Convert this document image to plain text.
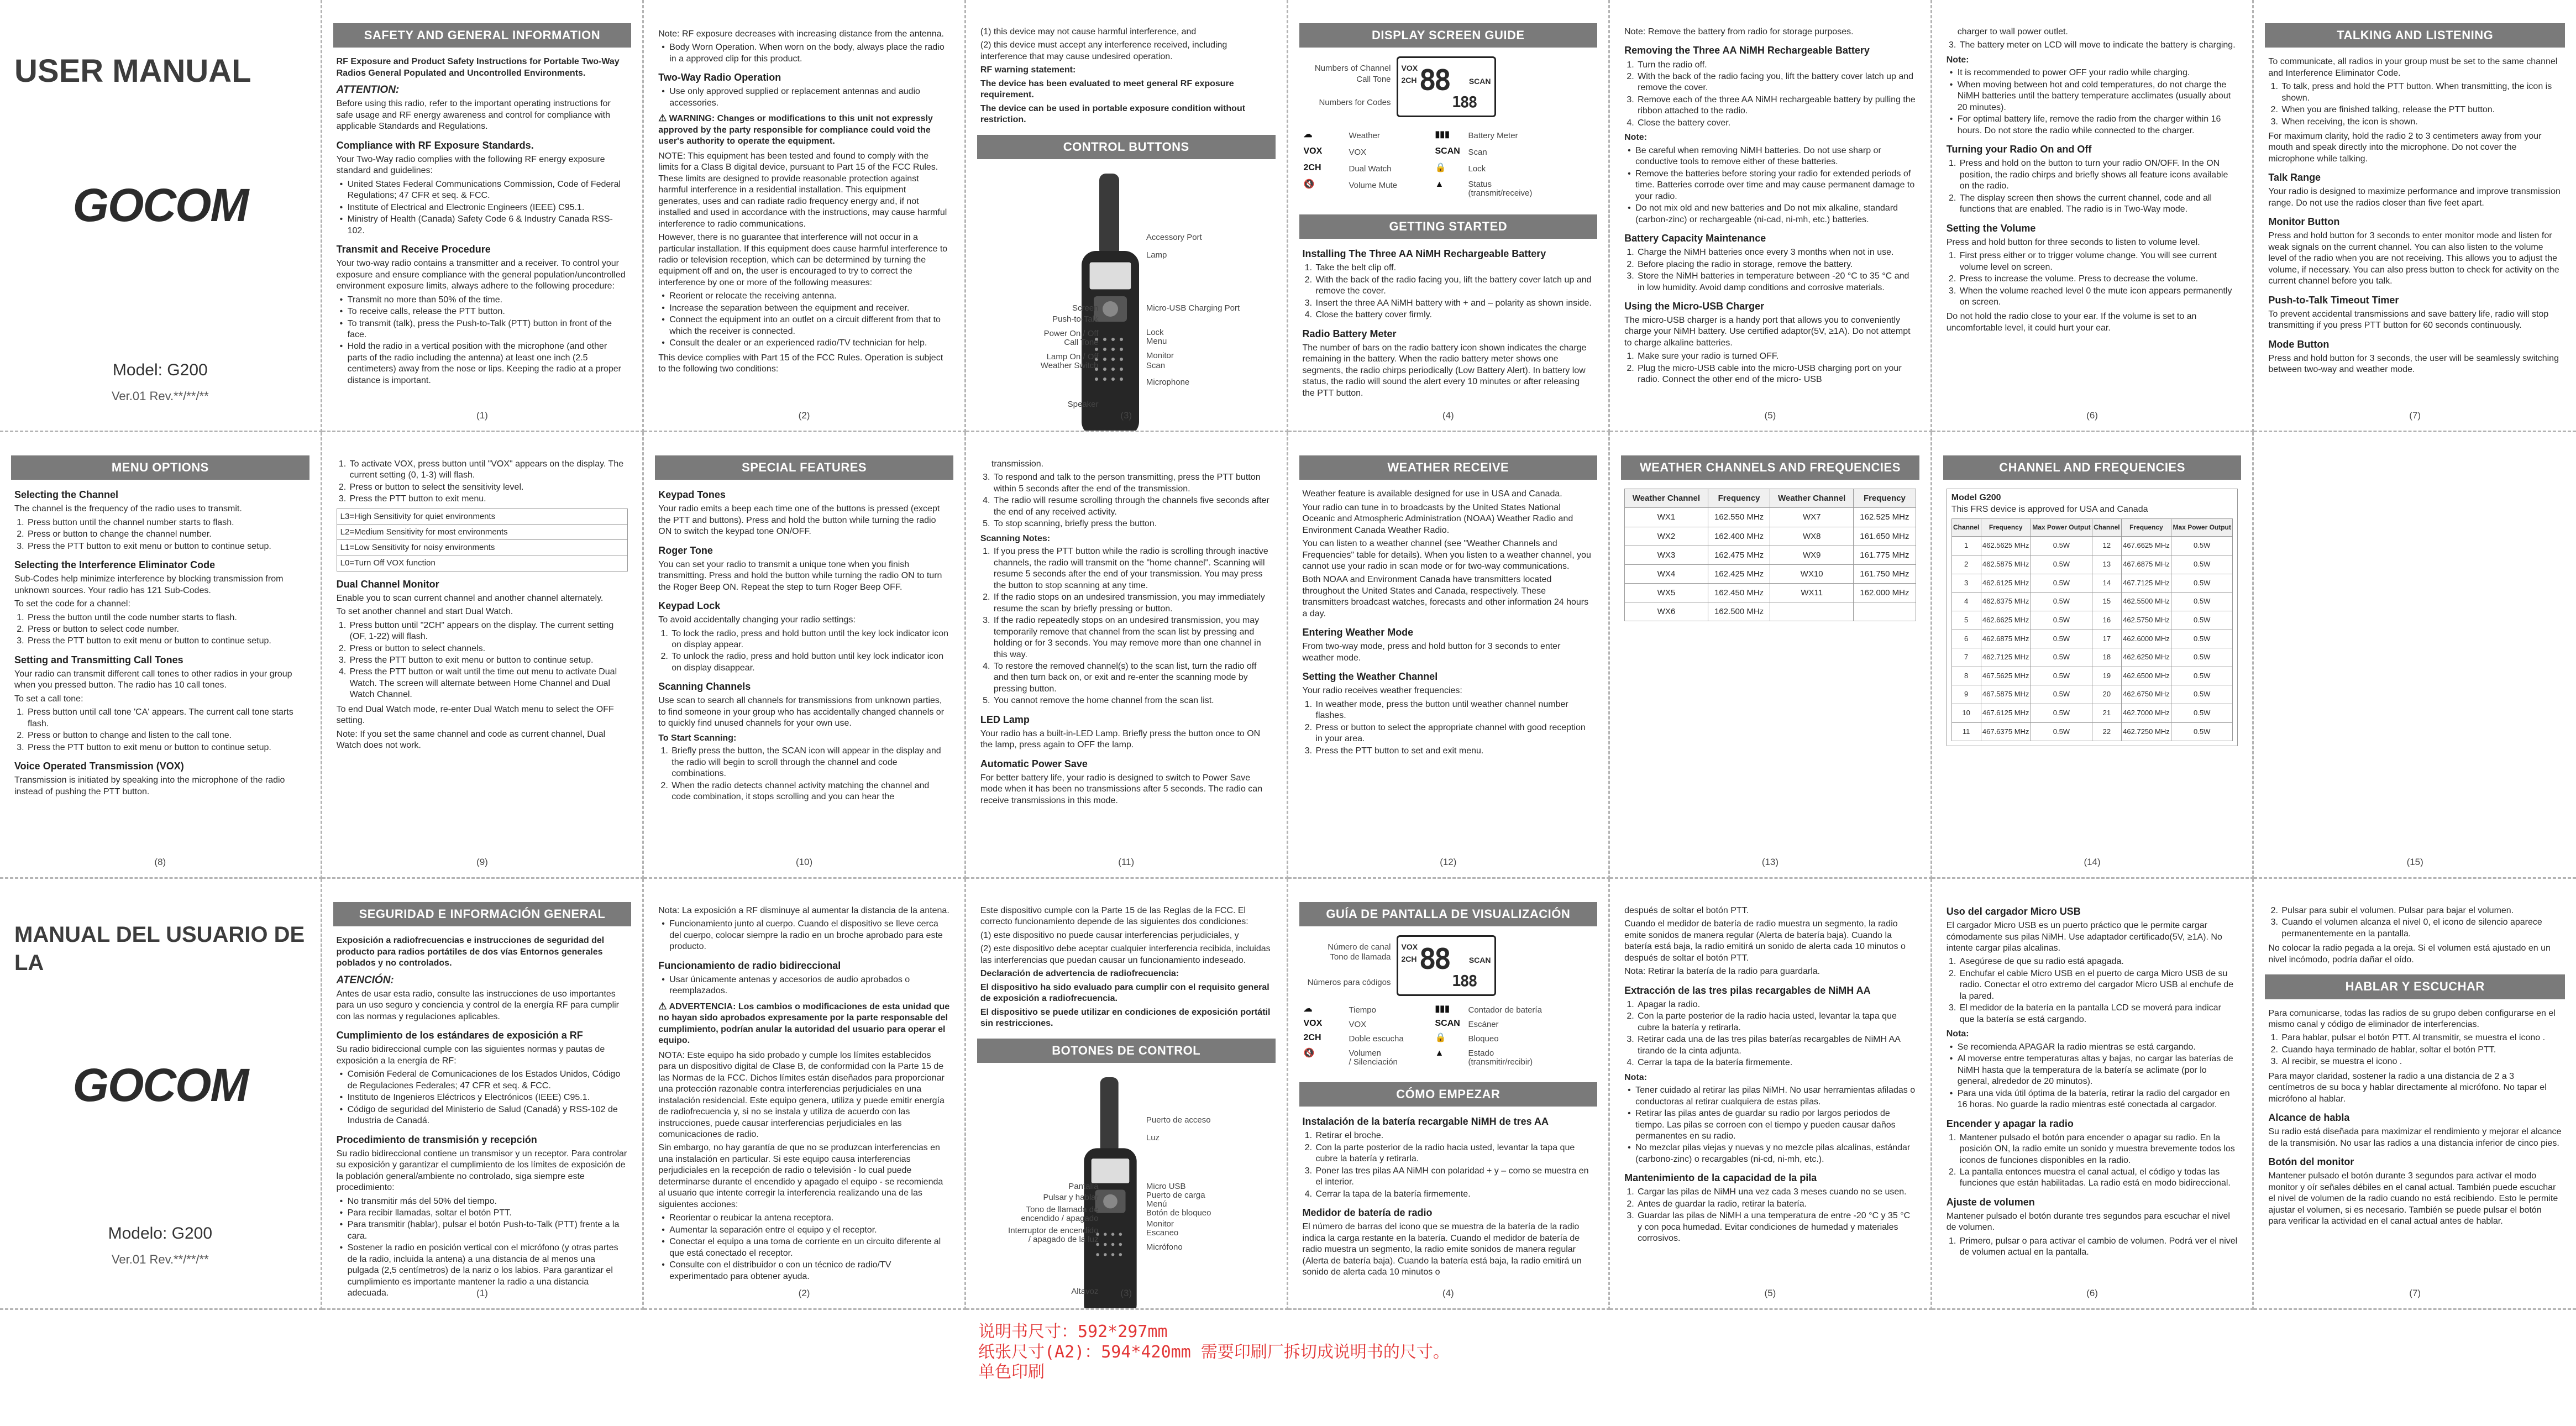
USER MANUAL
GOCOM
Model: G200
Ver.01 Rev.**/**/**
SAFETY AND GENERAL INFORMATION
RF Exposure and Product Safety Instructions for Portable Two-Way Radios General Populated and Uncontrolled Environments.
ATTENTION:

Before using this radio, refer to the important operating instructions for safe usage and RF energy awareness and control for compliance with applicable Standards and Regulations.

Compliance with RF Exposure Standards.

Your Two-Way radio complies with the following RF energy exposure standard and guidelines:

• United States Federal Communications Commission, Code of Federal Regulations; 47 CFR et seq. & FCC.
• Institute of Electrical and Electronic Engineers (IEEE) C95.1.
• Ministry of Health (Canada) Safety Code 6 & Industry Canada RSS-102.
Transmit and Receive Procedure

Your two-way radio contains a transmitter and a receiver. To control your exposure and ensure compliance with the general population/uncontrolled environment exposure limits, always adhere to the following procedure:

• Transmit no more than 50% of the time.
• To receive calls, release the PTT button.
• To transmit (talk), press the Push-to-Talk (PTT) button in front of the face.
• Hold the radio in a vertical position with the microphone (and other parts of the radio including the antenna) at least one inch (2.5 centimeters) away from the nose or lips. Keeping the radio at a proper distance is important.
(1)

Note: RF exposure decreases with increasing distance from the antenna.

• Body Worn Operation. When worn on the body, always place the radio in a approved clip for this product.
Two-Way Radio Operation
• Use only approved supplied or replacement antennas and audio accessories.
⚠ WARNING: Changes or modifications to this unit not expressly approved by the party responsible for compliance could void the user's authority to operate the equipment.

NOTE: This equipment has been tested and found to comply with the limits for a Class B digital device, pursuant to Part 15 of the FCC Rules. These limits are designed to provide reasonable protection against harmful interference in a residential installation. This equipment generates, uses and can radiate radio frequency energy and, if not installed and used in accordance with the instructions, may cause harmful interference to radio communications.

However, there is no guarantee that interference will not occur in a particular installation. If this equipment does cause harmful interference to radio or television reception, which can be determined by turning the equipment off and on, the user is encouraged to try to correct the interference by one or more of the following measures:

• Reorient or relocate the receiving antenna.
• Increase the separation between the equipment and receiver.
• Connect the equipment into an outlet on a circuit different from that to which the receiver is connected.
• Consult the dealer or an experienced radio/TV technician for help.

This device complies with Part 15 of the FCC Rules. Operation is subject to the following two conditions:

(2)

(1) this device may not cause harmful interference, and

(2) this device must accept any interference received, including interference that may cause undesired operation.

RF warning statement:

The device has been evaluated to meet general RF exposure requirement.

The device can be used in portable exposure condition without restriction.

CONTROL BUTTONS
Accessory Port
Lamp
Micro-USB Charging Port
Lock
Menu
Monitor
Scan
Microphone
Screen
Push-to-Talk
Power On / Off
Call Tone
Lamp On / Off
Weather Switch
Speaker
(3)
DISPLAY SCREEN GUIDE
VOX
2CH 88	SCAN
188
Numbers of Channel
Call Tone
Numbers for Codes
☁	Weather
VOX	VOX
2CH	Dual Watch
🔇	Volume Mute
▮▮▮ Battery Meter
SCAN Scan
🔒	Lock
▲	Status
(transmit/receive)
GETTING STARTED
Installing The Three AA NiMH Rechargeable Battery
1. Take the belt clip off.
2. With the back of the radio facing you, lift the battery cover latch up and remove the cover.
3. Insert the three AA NiMH battery with + and – polarity as shown inside.
4. Close the battery cover firmly.
Radio Battery Meter

The number of bars on the radio battery icon shown indicates the charge remaining in the battery. When the radio battery meter shows one segments, the radio chirps periodically (Low Battery Alert). In battery low status, the radio will sound the alert every 10 minutes or after releasing the PTT button.

(4)

Note: Remove the battery from radio for storage purposes.

Removing the Three AA NiMH Rechargeable Battery
1. Turn the radio off.
2. With the back of the radio facing you, lift the battery cover latch up and remove the cover.
3. Remove each of the three AA NiMH rechargeable battery by pulling the ribbon attached to the radio.
4. Close the battery cover.
Note:
• Be careful when removing NiMH batteries. Do not use sharp or conductive tools to remove either of these batteries.
• Remove the batteries before storing your radio for extended periods of time. Batteries corrode over time and may cause permanent damage to your radio.
• Do not mix old and new batteries and Do not mix alkaline, standard (carbon-zinc) or rechargeable (ni-cad, ni-mh, etc.) batteries.
Battery Capacity Maintenance
1. Charge the NiMH batteries once every 3 months when not in use.
2. Before placing the radio in storage, remove the battery.
3. Store the NiMH batteries in temperature between -20 °C to 35 °C and in low humidity. Avoid damp conditions and corrosive materials.
Using the Micro-USB Charger

The micro-USB charger is a handy port that allows you to conveniently charge your NiMH battery. Use certified adaptor(5V, ≥1A). Do not attempt to charge alkaline batteries.

1. Make sure your radio is turned OFF.
2. Plug the micro-USB cable into the micro-USB charging port on your radio. Connect the other end of the micro- USB
(5)

charger to wall power outlet.

3. The battery meter on LCD will move to indicate the battery is charging.
Note:
• It is recommended to power OFF your radio while charging.
• When moving between hot and cold temperatures, do not charge the NiMH batteries until the battery temperature acclimates (usually about 20 minutes).
• For optimal battery life, remove the radio from the charger within 16 hours. Do not store the radio while connected to the charger.
Turning your Radio On and Off
1. Press and hold on the button to turn your radio ON/OFF. In the ON position, the radio chirps and briefly shows all feature icons available on the radio.
2. The display screen then shows the current channel, code and all functions that are enabled. The radio is in Two-Way mode.
Setting the Volume

Press and hold button for three seconds to listen to volume level.

1. First press either or to trigger volume change. You will see current volume level on screen.
2. Press to increase the volume. Press to decrease the volume.
3. When the volume reached level 0 the mute icon appears permanently on screen.

Do not hold the radio close to your ear. If the volume is set to an uncomfortable level, it could hurt your ear.

(6)
TALKING AND LISTENING

To communicate, all radios in your group must be set to the same channel and Interference Eliminator Code.

1. To talk, press and hold the PTT button. When transmitting, the icon is shown.
2. When you are finished talking, release the PTT button.
3. When receiving, the icon is shown.

For maximum clarity, hold the radio 2 to 3 centimeters away from your mouth and speak directly into the microphone. Do not cover the microphone while talking.

Talk Range

Your radio is designed to maximize performance and improve transmission range. Do not use the radios closer than five feet apart.

Monitor Button

Press and hold button for 3 seconds to enter monitor mode and listen for weak signals on the current channel. You can also listen to the volume level of the radio when you are not receiving. This allows you to adjust the volume, if necessary. You can also press button to check for activity on the current channel before you talk.

Push-to-Talk Timeout Timer

To prevent accidental transmissions and save battery life, radio will stop transmitting if you press PTT button for 60 seconds continuously.

Mode Button

Press and hold button for 3 seconds, the user will be seamlessly switching between two-way and weather mode.

(7)
MENU OPTIONS
Selecting the Channel

The channel is the frequency of the radio uses to transmit.

1. Press button until the channel number starts to flash.
2. Press or button to change the channel number.
3. Press the PTT button to exit menu or button to continue setup.
Selecting the Interference Eliminator Code

Sub-Codes help minimize interference by blocking transmission from unknown sources. Your radio has 121 Sub-Codes.

To set the code for a channel:

1. Press the button until the code number starts to flash.
2. Press or button to select code number.
3. Press the PTT button to exit menu or button to continue setup.
Setting and Transmitting Call Tones

Your radio can transmit different call tones to other radios in your group when you pressed button. The radio has 10 call tones.

To set a call tone:

1. Press button until call tone 'CA' appears. The current call tone starts flash.
2. Press or button to change and listen to the call tone.
3. Press the PTT button to exit menu or button to continue setup.
Voice Operated Transmission (VOX)

Transmission is initiated by speaking into the microphone of the radio instead of pushing the PTT button.

(8)
1. To activate VOX, press button until "VOX" appears on the display. The current setting (0, 1-3) will flash.
2. Press or button to select the sensitivity level.
3. Press the PTT button to exit menu.
L3=High Sensitivity for quiet environments
L2=Medium Sensitivity for most environments
L1=Low Sensitivity for noisy environments
L0=Turn Off VOX function
Dual Channel Monitor

Enable you to scan current channel and another channel alternately.

To set another channel and start Dual Watch.

1. Press button until "2CH" appears on the display. The current setting (OF, 1-22) will flash.
2. Press or button to select channels.
3. Press the PTT button to exit menu or button to continue setup.
4. Press the PTT button or wait until the time out menu to activate Dual Watch. The screen will alternate between Home Channel and Dual Watch Channel.

To end Dual Watch mode, re-enter Dual Watch menu to select the OFF setting.

Note: If you set the same channel and code as current channel, Dual Watch does not work.

(9)
SPECIAL FEATURES
Keypad Tones

Your radio emits a beep each time one of the buttons is pressed (except the PTT and buttons). Press and hold the button while turning the radio ON to switch the keypad tone ON/OFF.

Roger Tone

You can set your radio to transmit a unique tone when you finish transmitting. Press and hold the button while turning the radio ON to turn the Roger Beep ON. Repeat the step to turn Roger Beep OFF.

Keypad Lock

To avoid accidentally changing your radio settings:

1. To lock the radio, press and hold button until the key lock indicator icon on display appear.
2. To unlock the radio, press and hold button until key lock indicator icon on display disappear.
Scanning Channels

Use scan to search all channels for transmissions from unknown parties, to find someone in your group who has accidentally changed channels or to quickly find unused channels for your own use.

To Start Scanning:
1. Briefly press the button, the SCAN icon will appear in the display and the radio will begin to scroll through the channel and code combinations.
2. When the radio detects channel activity matching the channel and code combination, it stops scrolling and you can hear the
(10)

transmission.

3. To respond and talk to the person transmitting, press the PTT button within 5 seconds after the end of the transmission.
4. The radio will resume scrolling through the channels five seconds after the end of any received activity.
5. To stop scanning, briefly press the button.
Scanning Notes:
1. If you press the PTT button while the radio is scrolling through inactive channels, the radio will transmit on the "home channel". Scanning will resume 5 seconds after the end of your transmission. You may press the button to stop scanning at any time.
2. If the radio stops on an undesired transmission, you may immediately resume the scan by briefly pressing or button.
3. If the radio repeatedly stops on an undesired transmission, you may temporarily remove that channel from the scan list by pressing and holding or for 3 seconds. You may remove more than one channel in this way.
4. To restore the removed channel(s) to the scan list, turn the radio off and then turn back on, or exit and re-enter the scanning mode by pressing button.
5. You cannot remove the home channel from the scan list.
LED Lamp

Your radio has a built-in-LED Lamp. Briefly press the button once to ON the lamp, press again to OFF the lamp.

Automatic Power Save

For better battery life, your radio is designed to switch to Power Save mode when it has been no transmissions after 5 seconds. The radio can receive transmissions in this mode.

(11)
WEATHER RECEIVE

Weather feature is available designed for use in USA and Canada.

Your radio can tune in to broadcasts by the United States National Oceanic and Atmospheric Administration (NOAA) Weather Radio and Environment Canada Weather Radio.

You can listen to a weather channel (see "Weather Channels and Frequencies" table for details). When you listen to a weather channel, you cannot use your radio in scan mode or for two-way communications.

Both NOAA and Environment Canada have transmitters located throughout the United States and Canada, respectively. These transmitters broadcast watches, forecasts and other information 24 hours a day.

Entering Weather Mode

From two-way mode, press and hold button for 3 seconds to enter weather mode.

Setting the Weather Channel

Your radio receives weather frequencies:

1. In weather mode, press the button until weather channel number flashes.
2. Press or button to select the appropriate channel with good reception in your area.
3. Press the PTT button to set and exit menu.
(12)
WEATHER CHANNELS AND FREQUENCIES
Weather Channel	Frequency	Weather Channel	Frequency
WX1	162.550 MHz	WX7	162.525 MHz
WX2	162.400 MHz	WX8	161.650 MHz
WX3	162.475 MHz	WX9	161.775 MHz
WX4	162.425 MHz	WX10	161.750 MHz
WX5	162.450 MHz	WX11	162.000 MHz
WX6	162.500 MHz		
(13)
CHANNEL AND FREQUENCIES
Model G200
This FRS device is approved for USA and Canada
Channel	Frequency	Max Power Output	Channel	Frequency	Max Power Output
1	462.5625 MHz	0.5W	12	467.6625 MHz	0.5W
2	462.5875 MHz	0.5W	13	467.6875 MHz	0.5W
3	462.6125 MHz	0.5W	14	467.7125 MHz	0.5W
4	462.6375 MHz	0.5W	15	462.5500 MHz	0.5W
5	462.6625 MHz	0.5W	16	462.5750 MHz	0.5W
6	462.6875 MHz	0.5W	17	462.6000 MHz	0.5W
7	462.7125 MHz	0.5W	18	462.6250 MHz	0.5W
8	467.5625 MHz	0.5W	19	462.6500 MHz	0.5W
9	467.5875 MHz	0.5W	20	462.6750 MHz	0.5W
10	467.6125 MHz	0.5W	21	462.7000 MHz	0.5W
11	467.6375 MHz	0.5W	22	462.7250 MHz	0.5W
(14)	(15)
MANUAL DEL USUARIO DE LA
GOCOM
Modelo: G200
Ver.01 Rev.**/**/**
SEGURIDAD E INFORMACIÓN GENERAL
Exposición a radiofrecuencias e instrucciones de seguridad del producto para radios portátiles de dos vías Entornos generales poblados y no controlados.
ATENCIÓN:

Antes de usar esta radio, consulte las instrucciones de uso importantes para un uso seguro y conciencia y control de la energía RF para cumplir con las normas y regulaciones aplicables.

Cumplimiento de los estándares de exposición a RF

Su radio bidireccional cumple con las siguientes normas y pautas de exposición a la energía de RF:

• Comisión Federal de Comunicaciones de los Estados Unidos, Código de Regulaciones Federales; 47 CFR et seq. & FCC.
• Instituto de Ingenieros Eléctricos y Electrónicos (IEEE) C95.1.
• Código de seguridad del Ministerio de Salud (Canadá) y RSS-102 de Industria de Canadá.
Procedimiento de transmisión y recepción

Su radio bidireccional contiene un transmisor y un receptor. Para controlar su exposición y garantizar el cumplimiento de los límites de exposición de la población general/ambiente no controlado, siga siempre este procedimiento:

• No transmitir más del 50% del tiempo.
• Para recibir llamadas, soltar el botón PTT.
• Para transmitir (hablar), pulsar el botón Push-to-Talk (PTT) frente a la cara.
• Sostener la radio en posición vertical con el micrófono (y otras partes de la radio, incluida la antena) a una distancia de al menos una pulgada (2,5 centímetros) de la nariz o los labios. Para garantizar el cumplimiento es importante mantener la radio a una distancia adecuada.	(1)

Nota: La exposición a RF disminuye al aumentar la distancia de la antena.

• Funcionamiento junto al cuerpo. Cuando el dispositivo se lleve cerca del cuerpo, colocar siempre la radio en un broche aprobado para este producto.
Funcionamiento de radio bidireccional
• Usar únicamente antenas y accesorios de audio aprobados o reemplazados.
⚠ ADVERTENCIA: Los cambios o modificaciones de esta unidad que no hayan sido aprobados expresamente por la parte responsable del cumplimiento, podrían anular la autoridad del usuario para operar el equipo.

NOTA: Este equipo ha sido probado y cumple los límites establecidos para un dispositivo digital de Clase B, de conformidad con la Parte 15 de las Normas de la FCC. Dichos límites están diseñados para proporcionar una protección razonable contra interferencias perjudiciales en una instalación residencial. Este equipo genera, utiliza y puede emitir energía de radiofrecuencia y, si no se instala y utiliza de acuerdo con las instrucciones, puede causar interferencias perjudiciales en las comunicaciones de radio.

Sin embargo, no hay garantía de que no se produzcan interferencias en una instalación en particular. Si este equipo causa interferencias perjudiciales en la recepción de radio o televisión - lo cual puede determinarse durante el encendido y apagado el equipo - se recomienda al usuario que intente corregir la interferencia realizando una de las siguientes acciones:

• Reorientar o reubicar la antena receptora.
• Aumentar la separación entre el equipo y el receptor.
• Conectar el equipo a una toma de corriente en un circuito diferente al que está conectado el receptor.
• Consulte con el distribuidor o con un técnico de radio/TV experimentado para obtener ayuda.
(2)

Este dispositivo cumple con la Parte 15 de las Reglas de la FCC. El correcto funcionamiento depende de las siguientes dos condiciones:

(1) este dispositivo no puede causar interferencias perjudiciales, y

(2) este dispositivo debe aceptar cualquier interferencia recibida, incluidas las interferencias que puedan causar un funcionamiento indeseado.

Declaración de advertencia de radiofrecuencia:

El dispositivo ha sido evaluado para cumplir con el requisito general de exposición a radiofrecuencia.

El dispositivo se puede utilizar en condiciones de exposición portátil sin restricciones.

BOTONES DE CONTROL
Puerto de acceso
Luz
Micro USB
Puerto de carga
Menú
Botón de bloqueo
Monitor
Escaneo
Micrófono
Pantalla
Pulsar y hablar
Tono de llamada de
encendido / apagado
Interruptor de encendido
/ apagado de la luz
Altavoz	(3)
GUÍA DE PANTALLA DE VISUALIZACIÓN
VOX
2CH 88	SCAN
188
Número de canal
Tono de llamada
Números para códigos
☁	Tiempo
VOX	VOX
2CH	Doble escucha
🔇	Volumen
/ Silenciación
▮▮▮ Contador de batería
SCAN Escáner
🔒	Bloqueo
▲	Estado
(transmitir/recibir)
CÓMO EMPEZAR
Instalación de la batería recargable NiMH de tres AA
1. Retirar el broche.
2. Con la parte posterior de la radio hacia usted, levantar la tapa que cubre la batería y retirarla.
3. Poner las tres pilas AA NiMH con polaridad + y – como se muestra en el interior.
4. Cerrar la tapa de la batería firmemente.
Medidor de batería de radio

El número de barras del icono que se muestra de la batería de la radio indica la carga restante en la batería. Cuando el medidor de batería de radio muestra un segmento, la radio emite sonidos de manera regular (Alerta de batería baja). Cuando la batería está baja, la radio emitirá un sonido de alerta cada 10 minutos o

(4)

después de soltar el botón PTT.

Cuando el medidor de batería de radio muestra un segmento, la radio emite sonidos de manera regular (Alerta de batería baja). Cuando la batería está baja, la radio emitirá un sonido de alerta cada 10 minutos o después de soltar el botón PTT.

Nota: Retirar la batería de la radio para guardarla.

Extracción de las tres pilas recargables de NiMH AA
1. Apagar la radio.
2. Con la parte posterior de la radio hacia usted, levantar la tapa que cubre la batería y retirarla.
3. Retirar cada una de las tres pilas baterías recargables de NiMH AA tirando de la cinta adjunta.
4. Cerrar la tapa de la batería firmemente.
Nota:
• Tener cuidado al retirar las pilas NiMH. No usar herramientas afiladas o conductoras al retirar cualquiera de estas pilas.
• Retirar las pilas antes de guardar su radio por largos periodos de tiempo. Las pilas se corroen con el tiempo y pueden causar daños permanentes en su radio.
• No mezclar pilas viejas y nuevas y no mezcle pilas alcalinas, estándar (carbono-zinc) o recargables (ni-cd, ni-mh, etc.).
Mantenimiento de la capacidad de la pila
1. Cargar las pilas de NiMH una vez cada 3 meses cuando no se usen.
2. Antes de guardar la radio, retirar la batería.
3. Guardar las pilas de NiMH a una temperatura de entre -20 °C y 35 °C y con poca humedad. Evitar condiciones de humedad y materiales corrosivos.
(5)
Uso del cargador Micro USB

El cargador Micro USB es un puerto práctico que le permite cargar cómodamente sus pilas NiMH. Use adaptador certificado(5V, ≥1A). No intente cargar pilas alcalinas.

1. Asegúrese de que su radio está apagada.
2. Enchufar el cable Micro USB en el puerto de carga Micro USB de su radio. Conectar el otro extremo del cargador Micro USB al enchufe de la pared.
3. El medidor de la batería en la pantalla LCD se moverá para indicar que la batería se está cargando.
Nota:
• Se recomienda APAGAR la radio mientras se está cargando.
• Al moverse entre temperaturas altas y bajas, no cargar las baterías de NiMH hasta que la temperatura de la batería se aclimate (por lo general, alrededor de 20 minutos).
• Para una vida útil óptima de la batería, retirar la radio del cargador en 16 horas. No guarde la radio mientras esté conectada al cargador.
Encender y apagar la radio
1. Mantener pulsado el botón para encender o apagar su radio. En la posición ON, la radio emite un sonido y muestra brevemente todos los iconos de funciones disponibles en la radio.
2. La pantalla entonces muestra el canal actual, el código y todas las funciones que están habilitadas. La radio está en modo bidireccional.
Ajuste de volumen

Mantener pulsado el botón durante tres segundos para escuchar el nivel de volumen.

1. Primero, pulsar o para activar el cambio de volumen. Podrá ver el nivel de volumen actual en la pantalla.
(6)
2. Pulsar para subir el volumen. Pulsar para bajar el volumen.
3. Cuando el volumen alcanza el nivel 0, el icono de silencio aparece permanentemente en la pantalla.

No colocar la radio pegada a la oreja. Si el volumen está ajustado en un nivel incómodo, podría dañar el oído.

HABLAR Y ESCUCHAR

Para comunicarse, todas las radios de su grupo deben configurarse en el mismo canal y código de eliminador de interferencias.

1. Para hablar, pulsar el botón PTT. Al transmitir, se muestra el icono .
2. Cuando haya terminado de hablar, soltar el botón PTT.
3. Al recibir, se muestra el icono .

Para mayor claridad, sostener la radio a una distancia de 2 a 3 centímetros de su boca y hablar directamente al micrófono. No tapar el micrófono al hablar.

Alcance de habla

Su radio está diseñada para maximizar el rendimiento y mejorar el alcance de la transmisión. No usar las radios a una distancia inferior de cinco pies.

Botón del monitor

Mantener pulsado el botón durante 3 segundos para activar el modo monitor y oír señales débiles en el canal actual. También puede escuchar el nivel de volumen de la radio cuando no está recibiendo. Esto le permite ajustar el volumen, si es necesario. También se puede pulsar el botón para verificar la actividad en el canal actual antes de hablar.

(7)
说明书尺寸：592*297mm
纸张尺寸(A2)：594*420mm 需要印刷厂拆切成说明书的尺寸。
单色印刷
